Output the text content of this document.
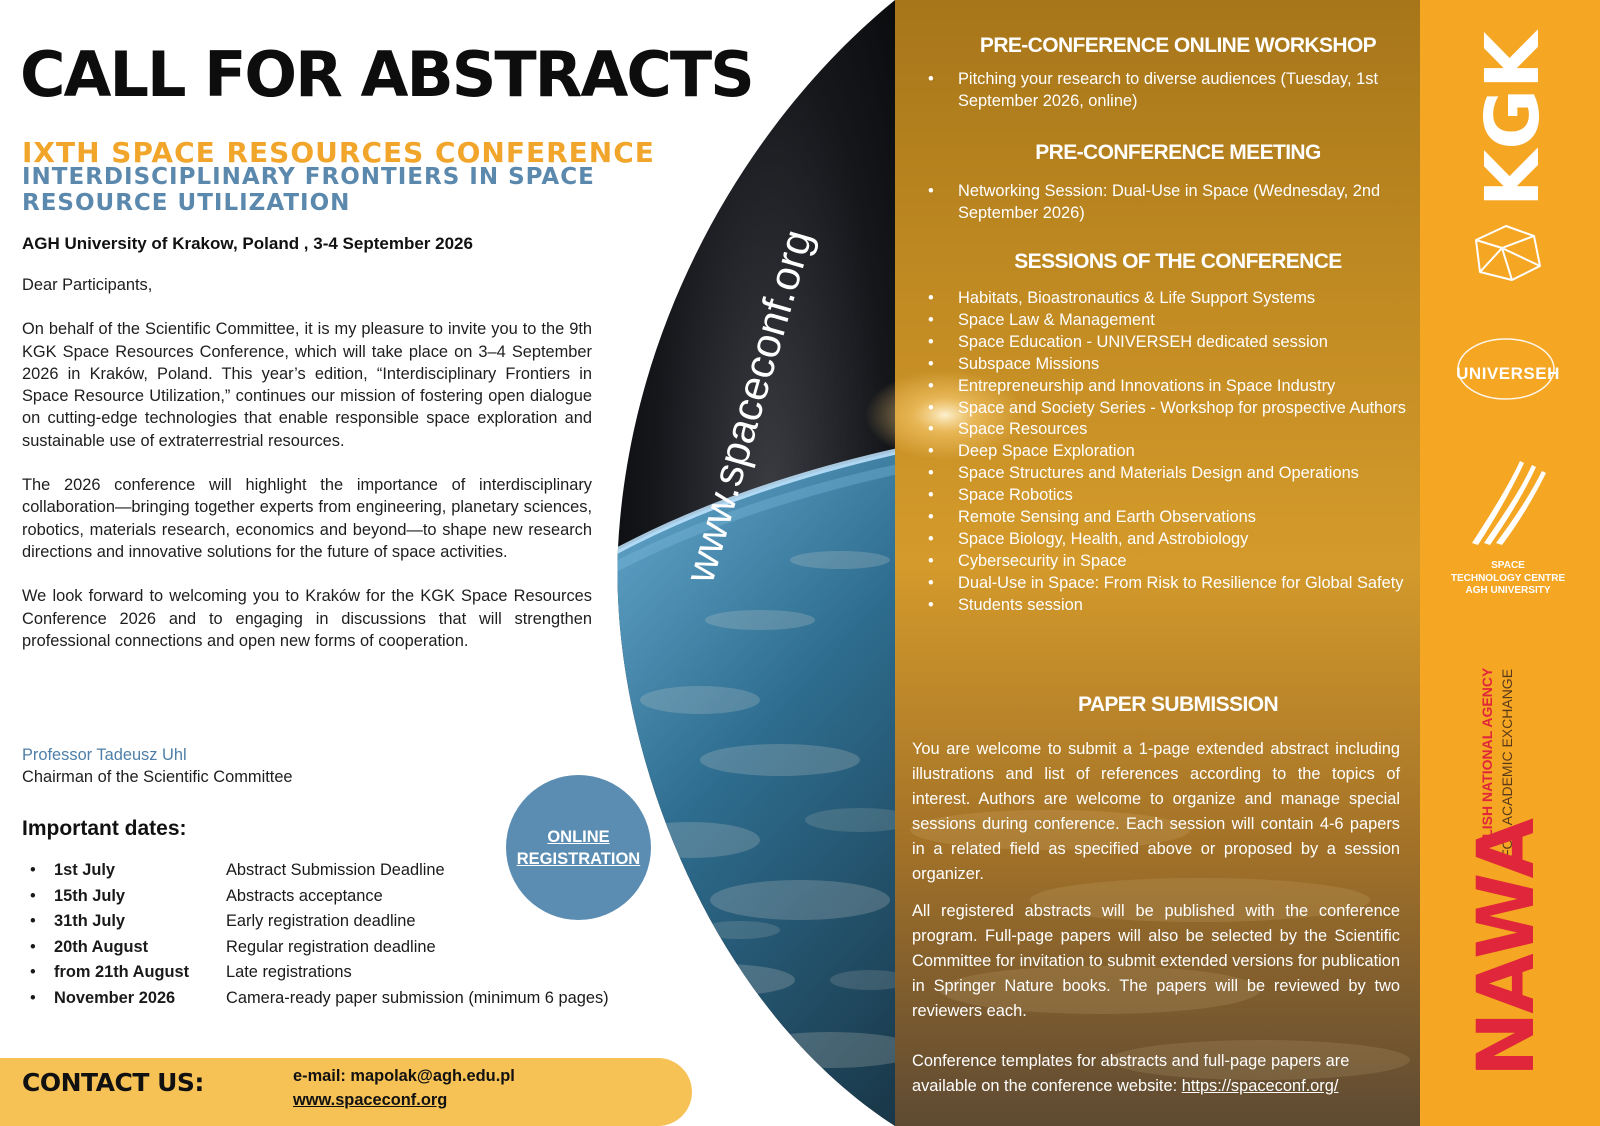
CALL FOR ABSTRACTS
IXTH SPACE RESOURCES CONFERENCE
INTERDISCIPLINARY FRONTIERS IN SPACE RESOURCE UTILIZATION
AGH University of Krakow, Poland , 3-4 September 2026

Dear Participants,

On behalf of the Scientific Committee, it is my pleasure to invite you to the 9th KGK Space Resources Conference, which will take place on 3–4 September 2026 in Kraków, Poland. This year’s edition, “Interdisciplinary Frontiers in Space Resource Utilization,” continues our mission of fostering open dialogue on cutting-edge technologies that enable responsible space exploration and sustainable use of extraterrestrial resources.

The 2026 conference will highlight the importance of interdisciplinary collaboration—bringing together experts from engineering, planetary sciences, robotics, materials research, economics and beyond—to shape new research directions and innovative solutions for the future of space activities.

We look forward to welcoming you to Kraków for the KGK Space Resources Conference 2026 and to engaging in discussions that will strengthen professional connections and open new forms of cooperation.

Professor Tadeusz Uhl
Chairman of the Scientific Committee
Important dates:
• 1st July	Abstract Submission Deadline
• 15th July	Abstracts acceptance
• 31th July	Early registration deadline
• 20th August	Regular registration deadline
• from 21th August Late registrations
• November 2026	Camera-ready paper submission (minimum 6 pages)
ONLINE
REGISTRATION
CONTACT US:	e-mail: mapolak@agh.edu.pl
www.spaceconf.org
www.spaceconf.org
PRE-CONFERENCE ONLINE WORKSHOP
• Pitching your research to diverse audiences (Tuesday, 1st September 2026, online)
PRE-CONFERENCE MEETING
• Networking Session: Dual-Use in Space (Wednesday, 2nd September 2026)
SESSIONS OF THE CONFERENCE
• Habitats, Bioastronautics & Life Support Systems
• Space Law & Management
• Space Education - UNIVERSEH dedicated session
• Subspace Missions
• Entrepreneurship and Innovations in Space Industry
• Space and Society Series - Workshop for prospective Authors
• Space Resources
• Deep Space Exploration
• Space Structures and Materials Design and Operations
• Space Robotics
• Remote Sensing and Earth Observations
• Space Biology, Health, and Astrobiology
• Cybersecurity in Space
• Dual-Use in Space: From Risk to Resilience for Global Safety
• Students session
PAPER SUBMISSION
You are welcome to submit a 1-page extended abstract including illustrations and list of references according to the topics of interest. Authors are welcome to organize and manage special sessions during conference. Each session will contain 4-6 papers in a related field as specified above or proposed by a session organizer.
All registered abstracts will be published with the conference program. Full-page papers will also be selected by the Scientific Committee for invitation to submit extended versions for publication in Springer Nature books. The papers will be reviewed by two reviewers each.
Conference templates for abstracts and full-page papers are available on the conference website: https://spaceconf.org/
KGK
UNIVERSEH
SPACE
TECHNOLOGY CENTRE
AGH UNIVERSITY
POLISH NATIONAL AGENCY FOR ACADEMIC EXCHANGE
NAWA
